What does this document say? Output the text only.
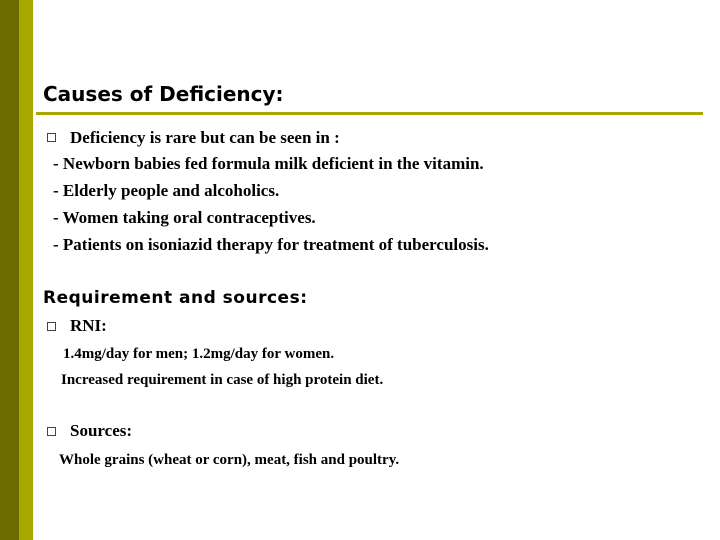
Causes of Deficiency:
Deficiency is rare but can be seen in :
- Newborn babies fed formula milk deficient in the vitamin.
- Elderly people and alcoholics.
- Women taking oral contraceptives.
- Patients on isoniazid therapy for treatment of tuberculosis.
Requirement and sources:
RNI:
1.4mg/day for men; 1.2mg/day for women.
Increased requirement in case of high protein diet.
Sources:
Whole grains (wheat or corn), meat, fish and poultry.
